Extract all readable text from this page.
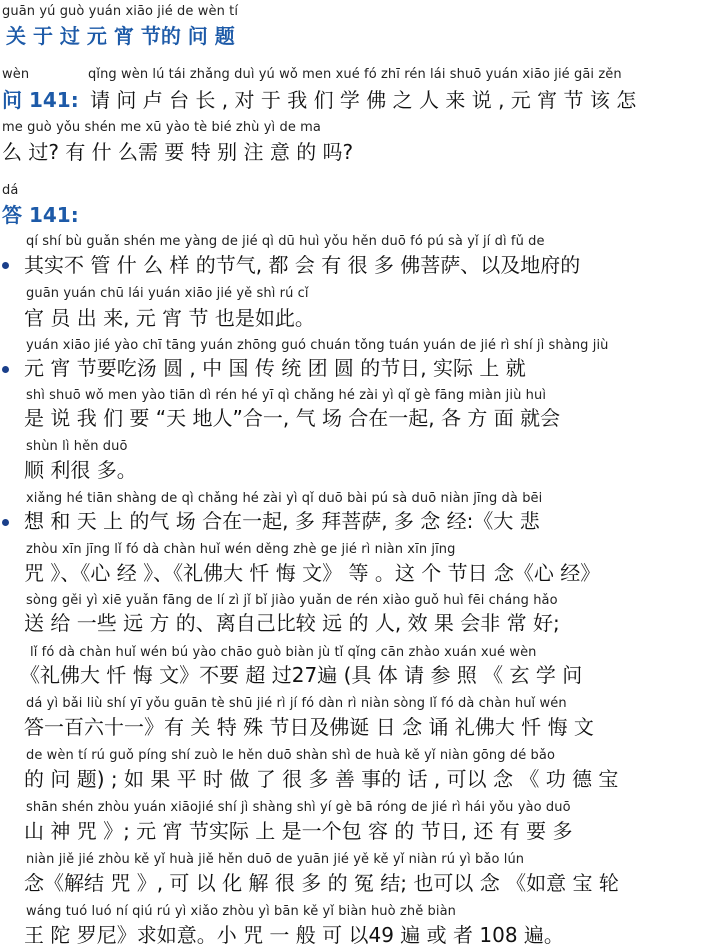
guān yú guò yuán xiāo jié de wèn tí
关 于 过 元 宵 节的 问 题
wèn
问 141:
qǐng wèn lú tái zhǎng duì yú wǒ men xué fó zhī rén lái shuō yuán xiāo jié gāi zěn
请 问 卢 台 长 , 对 于 我 们 学 佛 之 人 来 说 , 元 宵 节 该 怎
me guò yǒu shén me xū yào tè bié zhù yì de ma
么 过? 有 什 么需 要 特 别 注 意 的 吗?
dá
答 141:
qí shí bù guǎn shén me yàng de jié qì dū huì yǒu hěn duō fó pú sà yǐ jí dì fǔ de
其实不 管 什 么 样 的节气, 都 会 有 很 多 佛菩萨、以及地府的
guān yuán chū lái yuán xiāo jié yě shì rú cǐ
官 员 出 来, 元 宵 节 也是如此。
yuán xiāo jié yào chī tāng yuán zhōng guó chuán tǒng tuán yuán de jié rì shí jì shàng jiù
元 宵 节要吃汤 圆 , 中 国 传 统 团 圆 的节日, 实际 上 就
shì shuō wǒ men yào tiān dì rén hé yī qì chǎng hé zài yì qǐ gè fāng miàn jiù huì
是 说 我 们 要 “天 地人”合一, 气 场 合在一起, 各 方 面 就会
shùn lì hěn duō
顺 利很 多。
xiǎng hé tiān shàng de qì chǎng hé zài yì qǐ duō bài pú sà duō niàn jīng dà bēi
想 和 天 上 的气 场 合在一起, 多 拜菩萨, 多 念 经:《大 悲
zhòu xīn jīng lǐ fó dà chàn huǐ wén děng zhè ge jié rì niàn xīn jīng
咒 》、《心 经 》、《礼佛大 忏 悔 文》 等 。这 个 节日 念《心 经》
sòng gěi yì xiē yuǎn fāng de lí zì jǐ bǐ jiào yuǎn de rén xiào guǒ huì fēi cháng hǎo
送 给 一些 远 方 的、离自己比较 远 的 人, 效 果 会非 常 好;
lǐ fó dà chàn huǐ wén bú yào chāo guò biàn jù tǐ qǐng cān zhào xuán xué wèn
《礼佛大 忏 悔 文》不要 超 过27遍 (具 体 请 参 照 《 玄 学 问
dá yì bǎi liù shí yī yǒu guān tè shū jié rì jí fó dàn rì niàn sòng lǐ fó dà chàn huǐ wén
答一百六十一》有 关 特 殊 节日及佛诞 日 念 诵 礼佛大 忏 悔 文
de wèn tí rú guǒ píng shí zuò le hěn duō shàn shì de huà kě yǐ niàn gōng dé bǎo
的 问 题) ; 如 果 平 时 做 了 很 多 善 事的 话 , 可以 念 《 功 德 宝
shān shén zhòu yuán xiāojié shí jì shàng shì yí gè bā róng de jié rì hái yǒu yào duō
山 神 咒 》; 元 宵 节实际 上 是一个包 容 的 节日, 还 有 要 多
niàn jiě jié zhòu kě yǐ huà jiě hěn duō de yuān jié yě kě yǐ niàn rú yì bǎo lún
念《解结 咒 》, 可 以 化 解 很 多 的 冤 结; 也可以 念 《如意 宝 轮
wáng tuó luó ní qiú rú yì xiǎo zhòu yì bān kě yǐ biàn huò zhě biàn
王 陀 罗尼》求如意。小 咒 一 般 可 以49 遍 或 者 108 遍。
